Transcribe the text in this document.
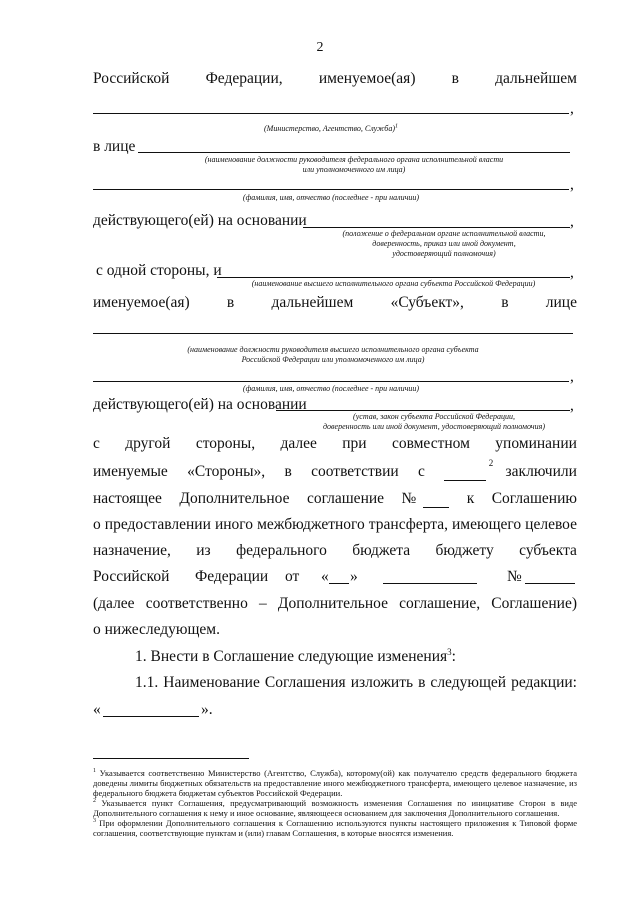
2
Российской Федерации, именуемое(ая) в дальнейшем
,
(Министерство, Агентство, Служба)$^1$
в лице
(наименование должности руководителя федерального органа исполнительной власти
или уполномоченного им лица)
,
(фамилия, имя, отчество (последнее - при наличии)
действующего(ей) на основании	,
(положение о федеральном органе исполнительной власти,
доверенность, приказ или иной документ,
удостоверяющий полномочия)
с одной стороны, и	,
(наименование высшего исполнительного органа субъекта Российской Федерации)
именуемое(ая) в дальнейшем «Субъект», в лице
(наименование должности руководителя высшего исполнительного органа субъекта
Российской Федерации или уполномоченного им лица)
,
(фамилия, имя, отчество (последнее - при наличии)
действующего(ей) на основании	,
(устав, закон субъекта Российской Федерации,
доверенность или иной документ, удостоверяющий полномочия)
с другой стороны, далее при совместном упоминании
именуемые «Стороны», в соответствии с	2 заключили
настоящее Дополнительное соглашение №	к Соглашению
о предоставлении иного межбюджетного трансферта, имеющего целевое
назначение, из федерального бюджета бюджету субъекта
Российской Федерации от « »	№
(далее соответственно – Дополнительное соглашение, Соглашение)
о нижеследующем.
1. Внести в Соглашение следующие изменения$^3$:
1.1. Наименование Соглашения изложить в следующей редакции:
«	».
$^1$ Указывается соответственно Министерство (Агентство, Служба), которому(ой) как получателю средств федерального бюджета доведены лимиты бюджетных обязательств на предоставление иного межбюджетного трансферта, имеющего целевое назначение, из федерального бюджета бюджетам субъектов Российской Федерации.
$^2$ Указывается пункт Соглашения, предусматривающий возможность изменения Соглашения по инициативе Сторон в виде Дополнительного соглашения к нему и иное основание, являющееся основанием для заключения Дополнительного соглашения.
$^3$ При оформлении Дополнительного соглашения к Соглашению используются пункты настоящего приложения к Типовой форме соглашения, соответствующие пунктам и (или) главам Соглашения, в которые вносятся изменения.
